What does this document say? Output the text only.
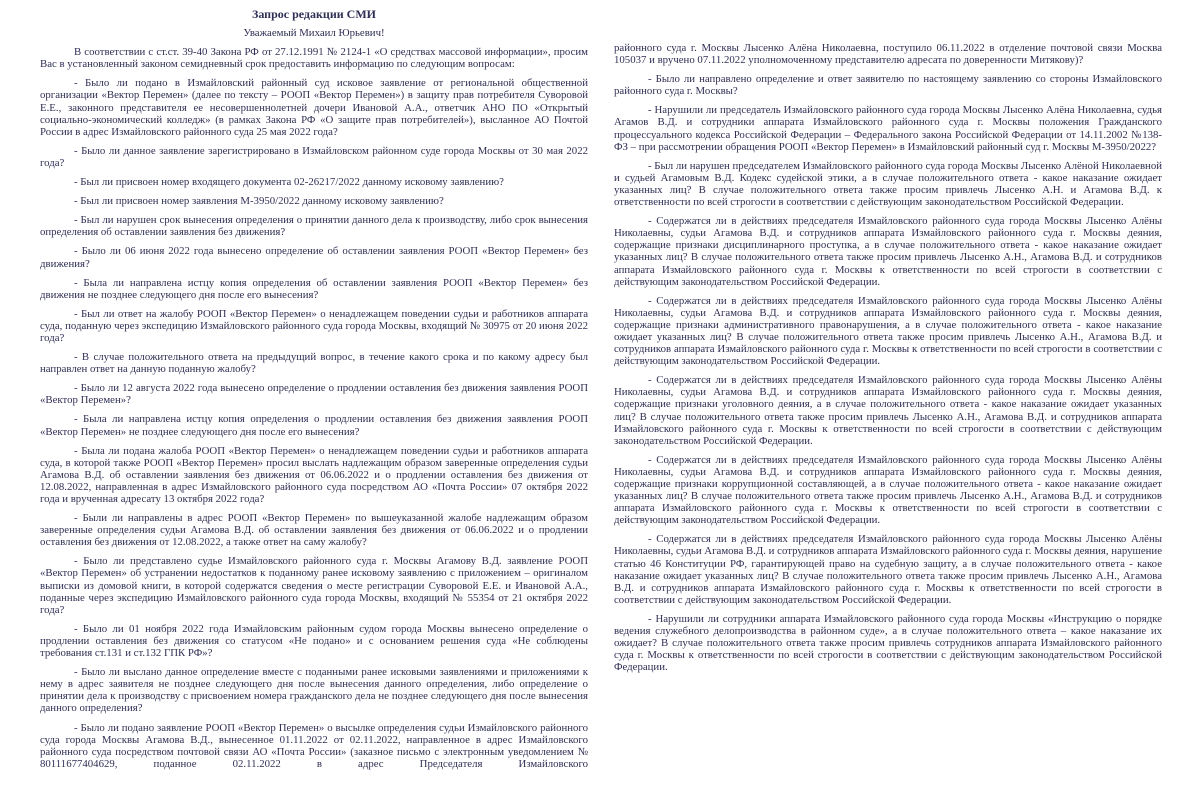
Запрос редакции СМИ

Уважаемый Михаил Юрьевич!

В соответствии с ст.ст. 39-40 Закона РФ от 27.12.1991 № 2124-1 «О средствах массовой информации», просим Вас в установленный законом семидневный срок предоставить информацию по следующим вопросам:

- Было ли подано в Измайловский районный суд исковое заявление от региональной общественной организации «Вектор Перемен» (далее по тексту – РООП «Вектор Перемен») в защиту прав потребителя Суворовой Е.Е., законного представителя ее несовершеннолетней дочери Ивановой А.А., ответчик АНО ПО «Открытый социально-экономический колледж» (в рамках Закона РФ «О защите прав потребителей»), высланное АО Почтой России в адрес Измайловского районного суда 25 мая 2022 года?

- Было ли данное заявление зарегистрировано в Измайловском районном суде города Москвы от 30 мая 2022 года?

- Был ли присвоен номер входящего документа 02-26217/2022 данному исковому заявлению?

- Был ли присвоен номер заявления М-3950/2022 данному исковому заявлению?

- Был ли нарушен срок вынесения определения о принятии данного дела к производству, либо срок вынесения определения об оставлении заявления без движения?

- Было ли 06 июня 2022 года вынесено определение об оставлении заявления РООП «Вектор Перемен» без движения?

- Была ли направлена истцу копия определения об оставлении заявления РООП «Вектор Перемен» без движения не позднее следующего дня после его вынесения?

- Был ли ответ на жалобу РООП «Вектор Перемен» о ненадлежащем поведении судьи и работников аппарата суда, поданную через экспедицию Измайловского районного суда города Москвы, входящий № 30975 от 20 июня 2022 года?

- В случае положительного ответа на предыдущий вопрос, в течение какого срока и по какому адресу был направлен ответ на данную поданную жалобу?

- Было ли 12 августа 2022 года вынесено определение о продлении оставления без движения заявления РООП «Вектор Перемен»?

- Была ли направлена истцу копия определения о продлении оставления без движения заявления РООП «Вектор Перемен» не позднее следующего дня после его вынесения?

- Была ли подана жалоба РООП «Вектор Перемен» о ненадлежащем поведении судьи и работников аппарата суда, в которой также РООП «Вектор Перемен» просил выслать надлежащим образом заверенные определения судьи Агамова В.Д. об оставлении заявления без движения от 06.06.2022 и о продлении оставления без движения от 12.08.2022, направленная в адрес Измайловского районного суда посредством АО «Почта России» 07 октября 2022 года и врученная адресату 13 октября 2022 года?

- Были ли направлены в адрес РООП «Вектор Перемен» по вышеуказанной жалобе надлежащим образом заверенные определения судьи Агамова В.Д. об оставлении заявления без движения от 06.06.2022 и о продлении оставления без движения от 12.08.2022, а также ответ на саму жалобу?

- Было ли представлено судье Измайловского районного суда г. Москвы Агамову В.Д. заявление РООП «Вектор Перемен» об устранении недостатков к поданному ранее исковому заявлению с приложением – оригиналом выписки из домовой книги, в которой содержатся сведения о месте регистрации Суворовой Е.Е. и Ивановой А.А., поданные через экспедицию Измайловского районного суда города Москвы, входящий № 55354 от 21 октября 2022 года?

- Было ли 01 ноября 2022 года Измайловским районным судом города Москвы вынесено определение о продлении оставления без движения со статусом «Не подано» и с основанием решения суда «Не соблюдены требования ст.131 и ст.132 ГПК РФ»?

- Было ли выслано данное определение вместе с поданными ранее исковыми заявлениями и приложениями к нему в адрес заявителя не позднее следующего дня после вынесения данного определения, либо определение о принятии дела к производству с присвоением номера гражданского дела не позднее следующего дня после вынесения данного определения?

- Было ли подано заявление РООП «Вектор Перемен» о высылке определения судьи Измайловского районного суда города Москвы Агамова В.Д., вынесенное 01.11.2022 от 02.11.2022, направленное в адрес Измайловского районного суда посредством почтовой связи АО «Почта России» (заказное письмо с электронным уведомлением № 80111677404629, поданное 02.11.2022 в адрес Председателя Измайловского

районного суда г. Москвы Лысенко Алёна Николаевна, поступило 06.11.2022 в отделение почтовой связи Москва 105037 и вручено 07.11.2022 уполномоченному представителю адресата по доверенности Митякову)?

- Было ли направлено определение и ответ заявителю по настоящему заявлению со стороны Измайловского районного суда г. Москвы?

- Нарушили ли председатель Измайловского районного суда города Москвы Лысенко Алёна Николаевна, судья Агамов В.Д. и сотрудники аппарата Измайловского районного суда г. Москвы положения Гражданского процессуального кодекса Российской Федерации – Федерального закона Российской Федерации от 14.11.2002 №138-ФЗ – при рассмотрении обращения РООП «Вектор Перемен» в Измайловский районный суд г. Москвы М-3950/2022?

- Был ли нарушен председателем Измайловского районного суда города Москвы Лысенко Алёной Николаевной и судьей Агамовым В.Д. Кодекс судейской этики, а в случае положительного ответа - какое наказание ожидает указанных лиц? В случае положительного ответа также просим привлечь Лысенко А.Н. и Агамова В.Д. к ответственности по всей строгости в соответствии с действующим законодательством Российской Федерации.

- Содержатся ли в действиях председателя Измайловского районного суда города Москвы Лысенко Алёны Николаевны, судьи Агамова В.Д. и сотрудников аппарата Измайловского районного суда г. Москвы деяния, содержащие признаки дисциплинарного проступка, а в случае положительного ответа - какое наказание ожидает указанных лиц? В случае положительного ответа также просим привлечь Лысенко А.Н., Агамова В.Д. и сотрудников аппарата Измайловского районного суда г. Москвы к ответственности по всей строгости в соответствии с действующим законодательством Российской Федерации.

- Содержатся ли в действиях председателя Измайловского районного суда города Москвы Лысенко Алёны Николаевны, судьи Агамова В.Д. и сотрудников аппарата Измайловского районного суда г. Москвы деяния, содержащие признаки административного правонарушения, а в случае положительного ответа - какое наказание ожидает указанных лиц? В случае положительного ответа также просим привлечь Лысенко А.Н., Агамова В.Д. и сотрудников аппарата Измайловского районного суда г. Москвы к ответственности по всей строгости в соответствии с действующим законодательством Российской Федерации.

- Содержатся ли в действиях председателя Измайловского районного суда города Москвы Лысенко Алёны Николаевны, судьи Агамова В.Д. и сотрудников аппарата Измайловского районного суда г. Москвы деяния, содержащие признаки уголовного деяния, а в случае положительного ответа - какое наказание ожидает указанных лиц? В случае положительного ответа также просим привлечь Лысенко А.Н., Агамова В.Д. и сотрудников аппарата Измайловского районного суда г. Москвы к ответственности по всей строгости в соответствии с действующим законодательством Российской Федерации.

- Содержатся ли в действиях председателя Измайловского районного суда города Москвы Лысенко Алёны Николаевны, судьи Агамова В.Д. и сотрудников аппарата Измайловского районного суда г. Москвы деяния, содержащие признаки коррупционной составляющей, а в случае положительного ответа - какое наказание ожидает указанных лиц? В случае положительного ответа также просим привлечь Лысенко А.Н., Агамова В.Д. и сотрудников аппарата Измайловского районного суда г. Москвы к ответственности по всей строгости в соответствии с действующим законодательством Российской Федерации.

- Содержатся ли в действиях председателя Измайловского районного суда города Москвы Лысенко Алёны Николаевны, судьи Агамова В.Д. и сотрудников аппарата Измайловского районного суда г. Москвы деяния, нарушение статью 46 Конституции РФ, гарантирующей право на судебную защиту, а в случае положительного ответа - какое наказание ожидает указанных лиц? В случае положительного ответа также просим привлечь Лысенко А.Н., Агамова В.Д. и сотрудников аппарата Измайловского районного суда г. Москвы к ответственности по всей строгости в соответствии с действующим законодательством Российской Федерации.

- Нарушили ли сотрудники аппарата Измайловского районного суда города Москвы «Инструкцию о порядке ведения служебного делопроизводства в районном суде», а в случае положительного ответа – какое наказание их ожидает? В случае положительного ответа также просим привлечь сотрудников аппарата Измайловского районного суда г. Москвы к ответственности по всей строгости в соответствии с действующим законодательством Российской Федерации.
